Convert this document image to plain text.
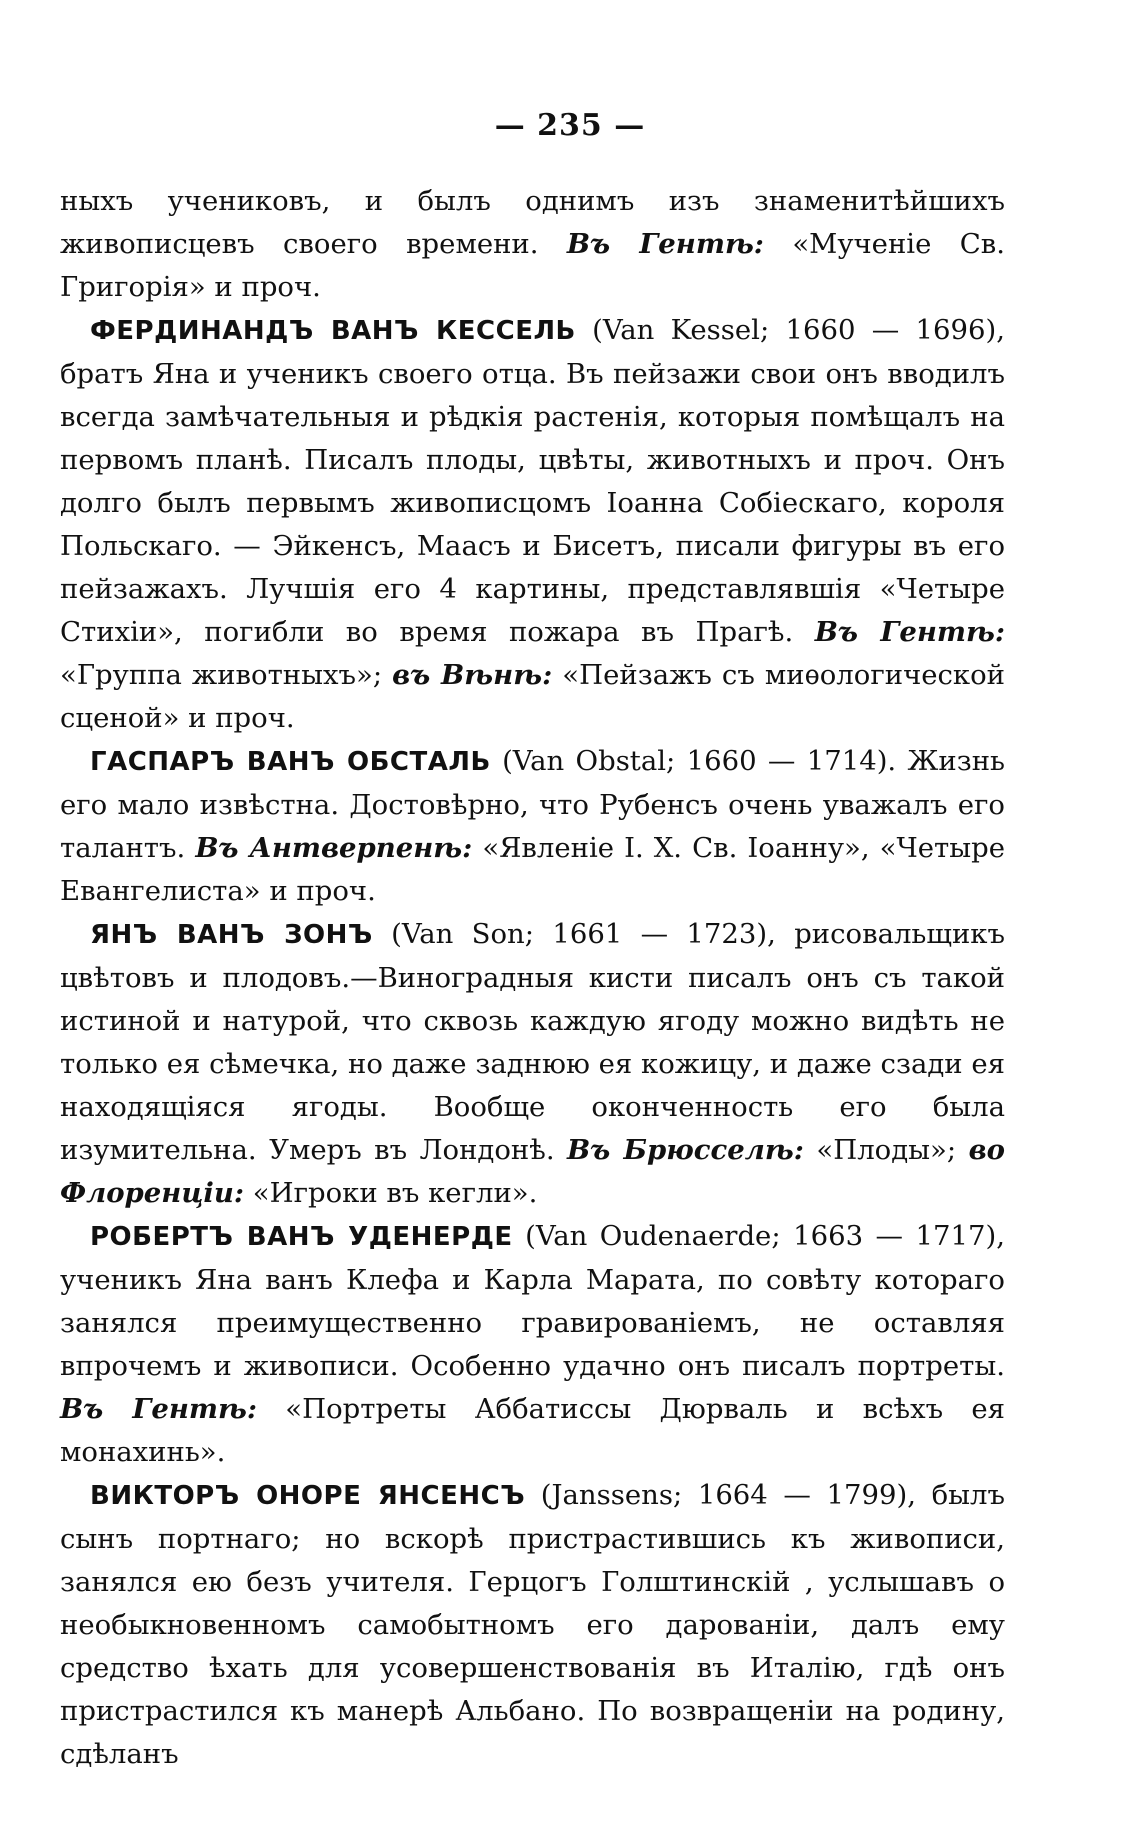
— 235 —

ныхъ учениковъ, и былъ однимъ изъ знаменитѣйшихъ живописцевъ своего времени. Въ Гентѣ: «Мученіе Св. Григорія» и проч.

ФЕРДИНАНДЪ ВАНЪ КЕССЕЛЬ (Van Kessel; 1660 — 1696), братъ Яна и ученикъ своего отца. Въ пейзажи свои онъ вводилъ всегда замѣчательныя и рѣдкія растенія, которыя помѣщалъ на первомъ планѣ. Писалъ плоды, цвѣты, животныхъ и проч. Онъ долго былъ первымъ живописцомъ Іоанна Собіескаго, короля Польскаго. — Эйкенсъ, Маасъ и Бисетъ, писали фигуры въ его пейзажахъ. Лучшія его 4 картины, представлявшія «Четыре Стихіи», погибли во время пожара въ Прагѣ. Въ Гентѣ: «Группа животныхъ»; въ Вѣнѣ: «Пейзажъ съ миѳологической сценой» и проч.

ГАСПАРЪ ВАНЪ ОБСТАЛЬ (Van Obstal; 1660 — 1714). Жизнь его мало извѣстна. Достовѣрно, что Рубенсъ очень уважалъ его талантъ. Въ Антверпенѣ: «Явленіе І. Х. Св. Іоанну», «Четыре Евангелиста» и проч.

ЯНЪ ВАНЪ ЗОНЪ (Van Son; 1661 — 1723), рисовальщикъ цвѣтовъ и плодовъ.—Виноградныя кисти писалъ онъ съ такой истиной и натурой, что сквозь каждую ягоду можно видѣть не только ея сѣмечка, но даже заднюю ея кожицу, и даже сзади ея находящіяся ягоды. Вообще оконченность его была изумительна. Умеръ въ Лондонѣ. Въ Брюсселѣ: «Плоды»; во Флоренціи: «Игроки въ кегли».

РОБЕРТЪ ВАНЪ УДЕНЕРДЕ (Van Oudenaerde; 1663 — 1717), ученикъ Яна ванъ Клефа и Карла Марата, по совѣту котораго занялся преимущественно гравированіемъ, не оставляя впрочемъ и живописи. Особенно удачно онъ писалъ портреты. Въ Гентѣ: «Портреты Аббатиссы Дюрваль и всѣхъ ея монахинь».

ВИКТОРЪ ОНОРЕ ЯНСЕНСЪ (Janssens; 1664 — 1799), былъ сынъ портнаго; но вскорѣ пристрастившись къ живописи, занялся ею безъ учителя. Герцогъ Голштинскій , услышавъ о необыкновенномъ самобытномъ его дарованіи, далъ ему средство ѣхать для усовершенствованія въ Италію, гдѣ онъ пристрастился къ манерѣ Альбано. По возвращеніи на родину, сдѣланъ
